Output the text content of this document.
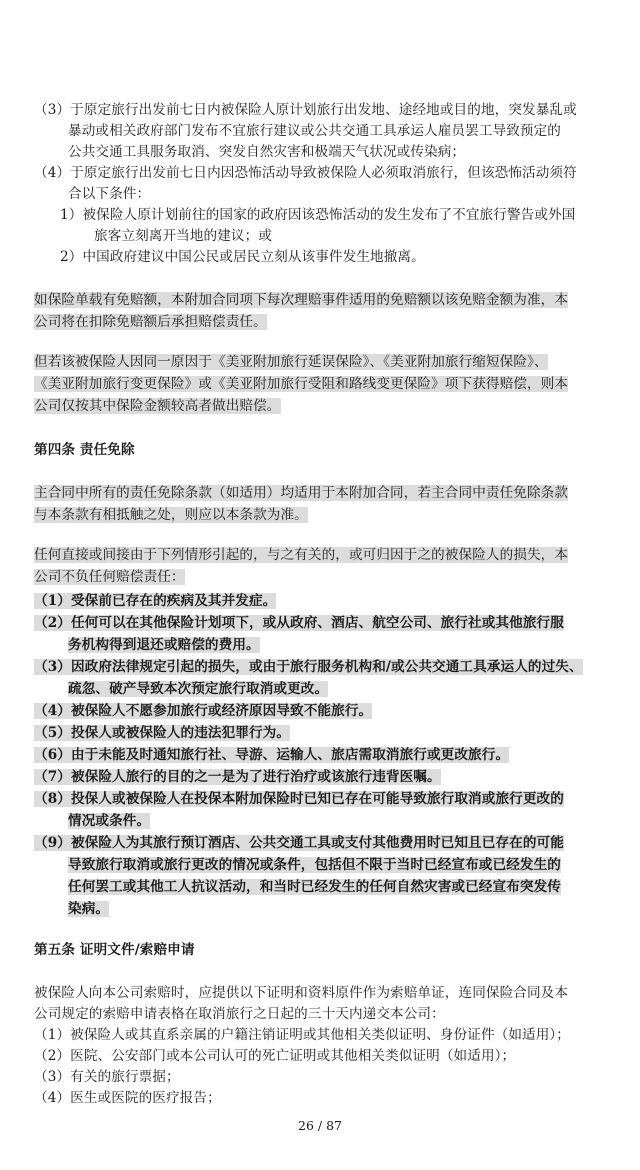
（3）于原定旅行出发前七日内被保险人原计划旅行出发地、途经地或目的地，突发暴乱或
暴动或相关政府部门发布不宜旅行建议或公共交通工具承运人雇员罢工导致预定的
公共交通工具服务取消、突发自然灾害和极端天气状况或传染病；
（4）于原定旅行出发前七日内因恐怖活动导致被保险人必须取消旅行，但该恐怖活动须符
合以下条件：
1）被保险人原计划前往的国家的政府因该恐怖活动的发生发布了不宜旅行警告或外国
旅客立刻离开当地的建议；或
2）中国政府建议中国公民或居民立刻从该事件发生地撤离。
如保险单载有免赔额，本附加合同项下每次理赔事件适用的免赔额以该免赔金额为准，本
公司将在扣除免赔额后承担赔偿责任。
但若该被保险人因同一原因于《美亚附加旅行延误保险》、《美亚附加旅行缩短保险》、
《美亚附加旅行变更保险》或《美亚附加旅行受阻和路线变更保险》项下获得赔偿，则本
公司仅按其中保险金额较高者做出赔偿。
第四条 责任免除
主合同中所有的责任免除条款（如适用）均适用于本附加合同，若主合同中责任免除条款
与本条款有相抵触之处，则应以本条款为准。
任何直接或间接由于下列情形引起的，与之有关的，或可归因于之的被保险人的损失，本
公司不负任何赔偿责任：
（1）受保前已存在的疾病及其并发症。
（2）任何可以在其他保险计划项下，或从政府、酒店、航空公司、旅行社或其他旅行服
务机构得到退还或赔偿的费用。
（3）因政府法律规定引起的损失，或由于旅行服务机构和/或公共交通工具承运人的过失、
疏忽、破产导致本次预定旅行取消或更改。
（4）被保险人不愿参加旅行或经济原因导致不能旅行。
（5）投保人或被保险人的违法犯罪行为。
（6）由于未能及时通知旅行社、导游、运输人、旅店需取消旅行或更改旅行。
（7）被保险人旅行的目的之一是为了进行治疗或该旅行违背医嘱。
（8）投保人或被保险人在投保本附加保险时已知已存在可能导致旅行取消或旅行更改的
情况或条件。
（9）被保险人为其旅行预订酒店、公共交通工具或支付其他费用时已知且已存在的可能
导致旅行取消或旅行更改的情况或条件，包括但不限于当时已经宣布或已经发生的
任何罢工或其他工人抗议活动，和当时已经发生的任何自然灾害或已经宣布突发传
染病。
第五条 证明文件/索赔申请
被保险人向本公司索赔时，应提供以下证明和资料原件作为索赔单证，连同保险合同及本
公司规定的索赔申请表格在取消旅行之日起的三十天内递交本公司：
（1）被保险人或其直系亲属的户籍注销证明或其他相关类似证明、身份证件（如适用）；
（2）医院、公安部门或本公司认可的死亡证明或其他相关类似证明（如适用）；
（3）有关的旅行票据；
（4）医生或医院的医疗报告；
26 / 87
